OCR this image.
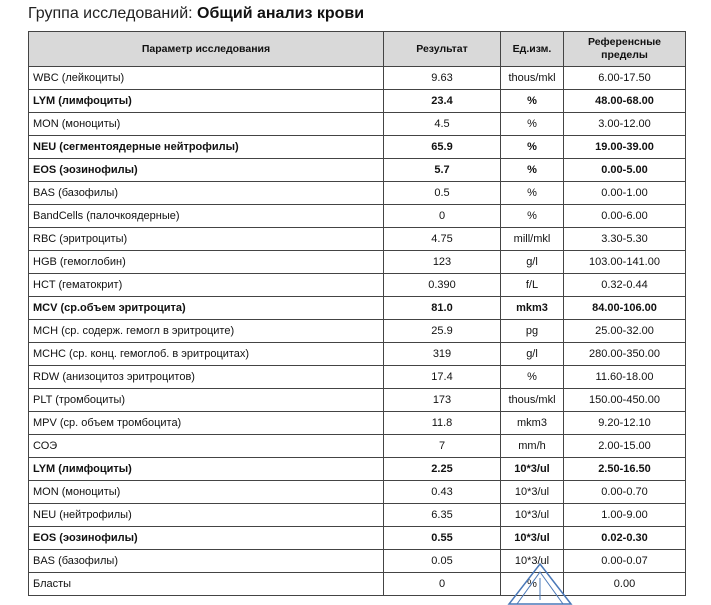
Группа исследований: Общий анализ крови
Параметр исследования	Результат	Ед.изм.	Референсные пределы
WBC (лейкоциты)	9.63	thous/mkl	6.00-17.50
LYM (лимфоциты)	23.4	%	48.00-68.00
MON (моноциты)	4.5	%	3.00-12.00
NEU (сегментоядерные нейтрофилы)	65.9	%	19.00-39.00
EOS (эозинофилы)	5.7	%	0.00-5.00
BAS (базофилы)	0.5	%	0.00-1.00
BandCells (палочкоядерные)	0	%	0.00-6.00
RBC (эритроциты)	4.75	mill/mkl	3.30-5.30
HGB (гемоглобин)	123	g/l	103.00-141.00
HCT (гематокрит)	0.390	f/L	0.32-0.44
MCV (ср.объем эритроцита)	81.0	mkm3	84.00-106.00
MCH (ср. содерж. гемогл в эритроците)	25.9	pg	25.00-32.00
MCHC (ср. конц. гемоглоб. в эритроцитах)	319	g/l	280.00-350.00
RDW (анизоцитоз эритроцитов)	17.4	%	11.60-18.00
PLT (тромбоциты)	173	thous/mkl	150.00-450.00
MPV (ср. объем тромбоцита)	11.8	mkm3	9.20-12.10
СОЭ	7	mm/h	2.00-15.00
LYM (лимфоциты)	2.25	10*3/ul	2.50-16.50
MON (моноциты)	0.43	10*3/ul	0.00-0.70
NEU (нейтрофилы)	6.35	10*3/ul	1.00-9.00
EOS (эозинофилы)	0.55	10*3/ul	0.02-0.30
BAS (базофилы)	0.05	10*3/ul	0.00-0.07
Бласты	0	%	0.00
